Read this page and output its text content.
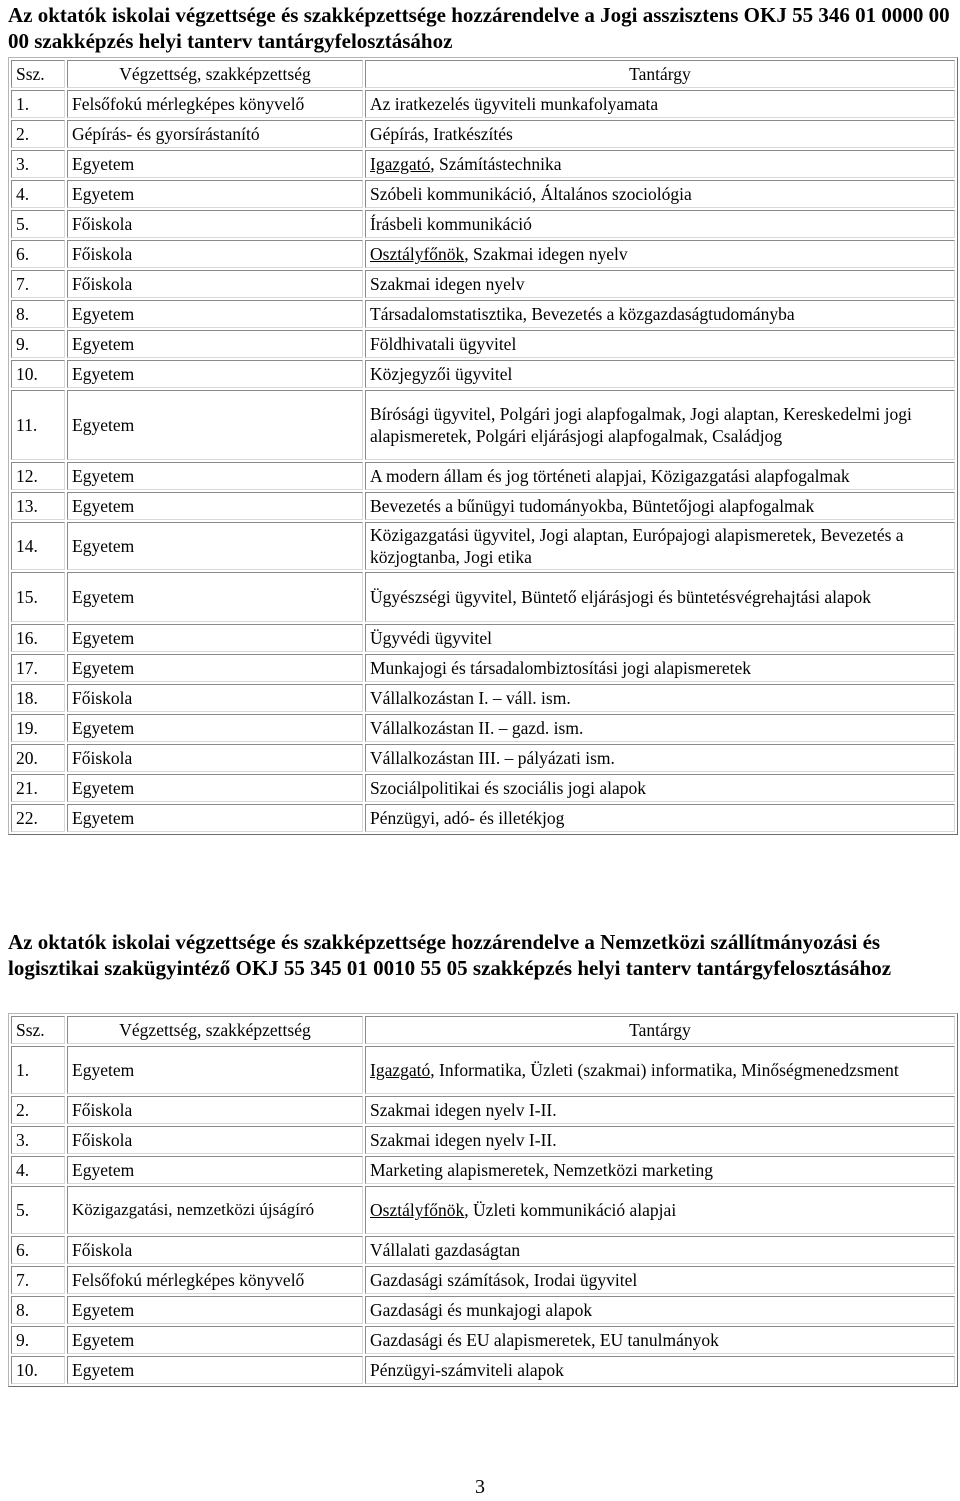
Az oktatók iskolai végzettsége és szakképzettsége hozzárendelve a Jogi asszisztens OKJ 55 346 01 0000 00 00 szakképzés helyi tanterv tantárgyfelosztásához
Ssz.	Végzettség, szakképzettség	Tantárgy
1.	Felsőfokú mérlegképes könyvelő	Az iratkezelés ügyviteli munkafolyamata
2.	Gépírás- és gyorsírástanító	Gépírás, Iratkészítés
3.	Egyetem	Igazgató, Számítástechnika
4.	Egyetem	Szóbeli kommunikáció, Általános szociológia
5.	Főiskola	Írásbeli kommunikáció
6.	Főiskola	Osztályfőnök, Szakmai idegen nyelv
7.	Főiskola	Szakmai idegen nyelv
8.	Egyetem	Társadalomstatisztika, Bevezetés a közgazdaságtudományba
9.	Egyetem	Földhivatali ügyvitel
10.	Egyetem	Közjegyzői ügyvitel
11.	Egyetem	Bírósági ügyvitel, Polgári jogi alapfogalmak, Jogi alaptan, Kereskedelmi jogi alapismeretek, Polgári eljárásjogi alapfogalmak, Családjog
12.	Egyetem	A modern állam és jog történeti alapjai, Közigazgatási alapfogalmak
13.	Egyetem	Bevezetés a bűnügyi tudományokba, Büntetőjogi alapfogalmak
14.	Egyetem	Közigazgatási ügyvitel, Jogi alaptan, Európajogi alapismeretek, Bevezetés a közjogtanba, Jogi etika
15.	Egyetem	Ügyészségi ügyvitel, Büntető eljárásjogi és büntetésvégrehajtási alapok
16.	Egyetem	Ügyvédi ügyvitel
17.	Egyetem	Munkajogi és társadalombiztosítási jogi alapismeretek
18.	Főiskola	Vállalkozástan I. – váll. ism.
19.	Egyetem	Vállalkozástan II. – gazd. ism.
20.	Főiskola	Vállalkozástan III. – pályázati ism.
21.	Egyetem	Szociálpolitikai és szociális jogi alapok
22.	Egyetem	Pénzügyi, adó- és illetékjog
Az oktatók iskolai végzettsége és szakképzettsége hozzárendelve a Nemzetközi szállítmányozási és logisztikai szakügyintéző OKJ 55 345 01 0010 55 05 szakképzés helyi tanterv tantárgyfelosztásához
Ssz.	Végzettség, szakképzettség	Tantárgy
1.	Egyetem	Igazgató, Informatika, Üzleti (szakmai) informatika, Minőségmenedzsment
2.	Főiskola	Szakmai idegen nyelv I-II.
3.	Főiskola	Szakmai idegen nyelv I-II.
4.	Egyetem	Marketing alapismeretek, Nemzetközi marketing
5.	Közigazgatási, nemzetközi újságíró	Osztályfőnök, Üzleti kommunikáció alapjai
6.	Főiskola	Vállalati gazdaságtan
7.	Felsőfokú mérlegképes könyvelő	Gazdasági számítások, Irodai ügyvitel
8.	Egyetem	Gazdasági és munkajogi alapok
9.	Egyetem	Gazdasági és EU alapismeretek, EU tanulmányok
10.	Egyetem	Pénzügyi-számviteli alapok
3
